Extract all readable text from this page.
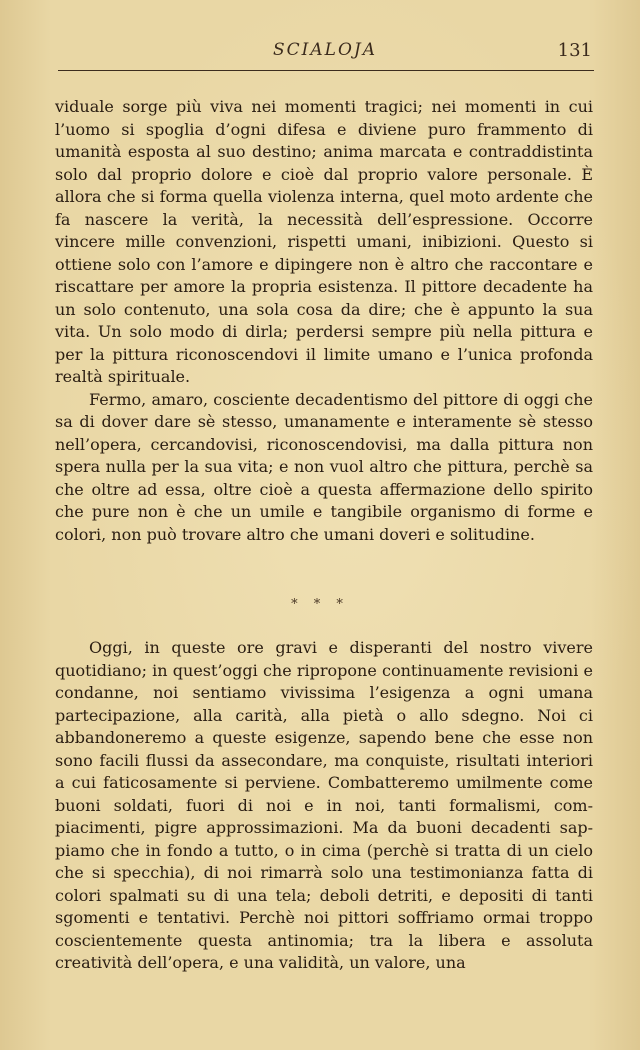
SCIALOJA	131

viduale sorge più viva nei momenti tragici; nei momenti in cui l’uomo si spoglia d’ogni difesa e diviene puro frammento di umanità esposta al suo destino; anima marcata e contraddistinta solo dal proprio dolore e cioè dal proprio valore personale. È allora che si forma quella violenza interna, quel moto ardente che fa nascere la verità, la necessità dell’espressione. Occorre vincere mille convenzioni, rispetti umani, inibizioni. Questo si ottiene solo con l’amore e dipingere non è altro che raccontare e riscattare per amore la propria esistenza. Il pittore decadente ha un solo contenuto, una sola cosa da dire; che è appunto la sua vita. Un solo modo di dirla; perdersi sempre più nella pittura e per la pittura riconoscendovi il limite umano e l’unica profonda realtà spirituale.

Fermo, amaro, cosciente decadentismo del pittore di oggi che sa di dover dare sè stesso, umanamente e interamente sè stesso nell’opera, cercandovisi, riconoscendovisi, ma dalla pittura non spera nulla per la sua vita; e non vuol altro che pittura, perchè sa che oltre ad essa, oltre cioè a questa affermazione dello spirito che pure non è che un umile e tangibile organismo di forme e colori, non può trovare altro che umani doveri e solitudine.

* * *

Oggi, in queste ore gravi e disperanti del nostro vivere quotidiano; in quest’oggi che ripropone continuamente revisioni e condanne, noi sentiamo vivissima l’esigenza a ogni umana partecipazione, alla carità, alla pietà o allo sdegno. Noi ci abbandoneremo a queste esigenze, sapendo bene che esse non sono facili flussi da assecondare, ma conquiste, risultati interiori a cui faticosamente si perviene. Combatteremo umilmente come buoni soldati, fuori di noi e in noi, tanti formalismi, compiacimenti, pigre approssimazioni. Ma da buoni decadenti sappiamo che in fondo a tutto, o in cima (perchè si tratta di un cielo che si specchia), di noi rimarrà solo una testimonianza fatta di colori spalmati su di una tela; deboli detriti, e depositi di tanti sgomenti e tentativi. Perchè noi pittori soffriamo ormai troppo coscientemente questa antinomia; tra la libera e assoluta creatività dell’opera, e una validità, un valore, una
